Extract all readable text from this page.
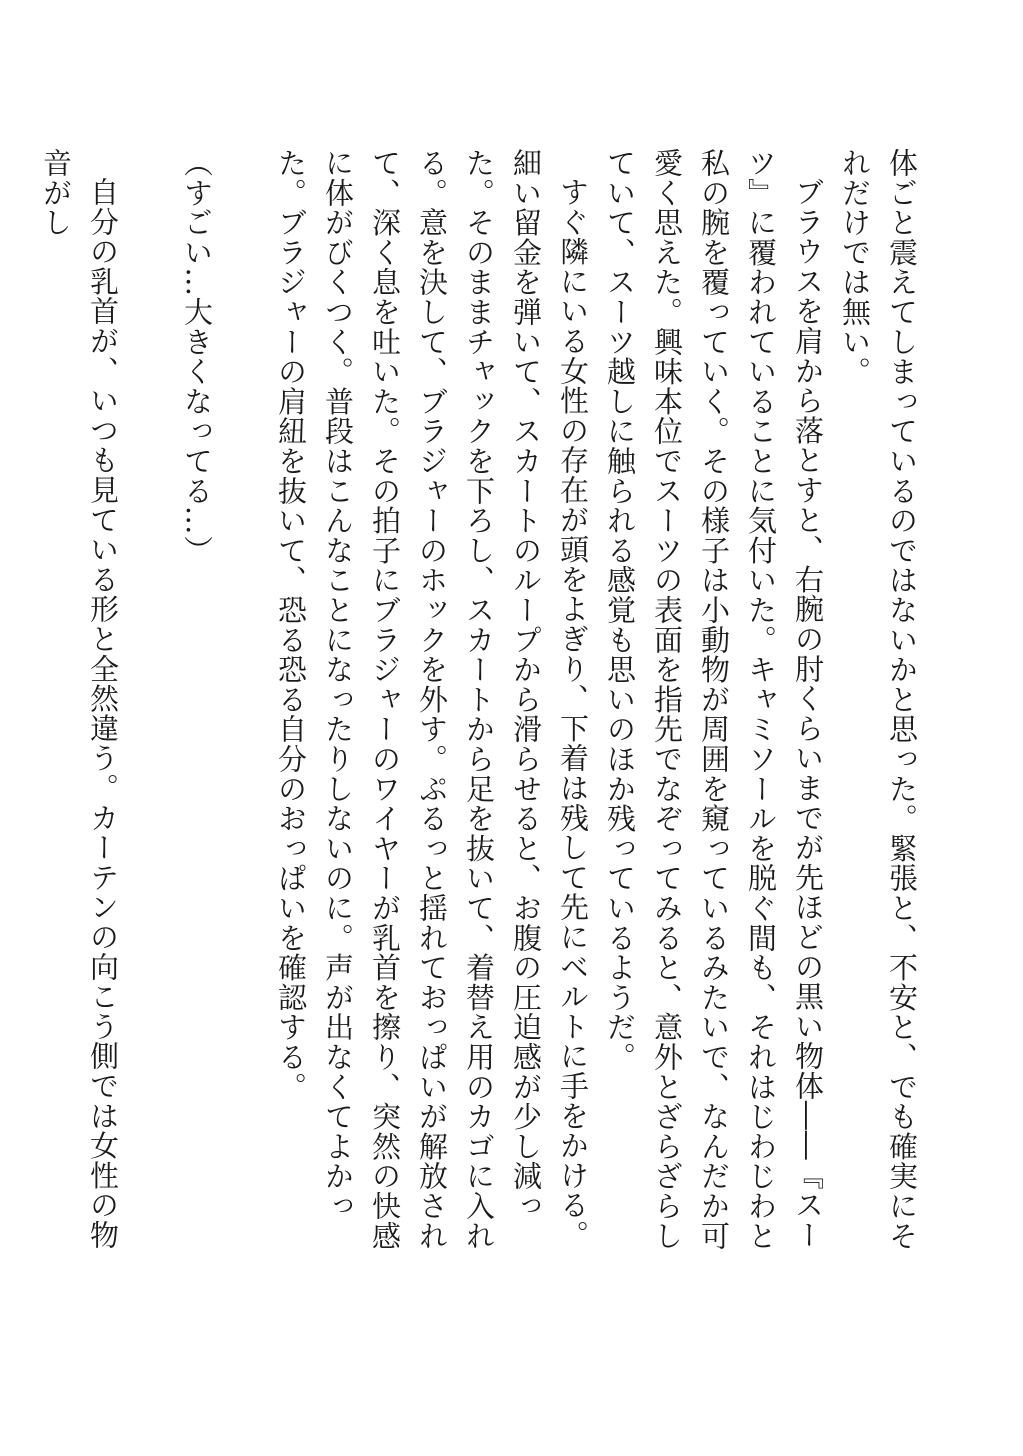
体ごと震えてしまっているのではないかと思った。緊張と、不安と、でも確実にそれだけでは無い。

ブラウスを肩から落とすと、右腕の肘くらいまでが先ほどの黒い物体――『スーツ』に覆われていることに気付いた。キャミソールを脱ぐ間も、それはじわじわと私の腕を覆っていく。その様子は小動物が周囲を窺っているみたいで、なんだか可愛く思えた。興味本位でスーツの表面を指先でなぞってみると、意外とざらざらしていて、スーツ越しに触られる感覚も思いのほか残っているようだ。

すぐ隣にいる女性の存在が頭をよぎり、下着は残して先にベルトに手をかける。細い留金を弾いて、スカートのループから滑らせると、お腹の圧迫感が少し減った。そのままチャックを下ろし、スカートから足を抜いて、着替え用のカゴに入れる。意を決して、ブラジャーのホックを外す。ぷるっと揺れておっぱいが解放されて、深く息を吐いた。その拍子にブラジャーのワイヤーが乳首を擦り、突然の快感に体がびくつく。普段はこんなことになったりしないのに。声が出なくてよかった。ブラジャーの肩紐を抜いて、恐る恐る自分のおっぱいを確認する。

（すごい…大きくなってる…）

自分の乳首が、いつも見ている形と全然違う。カーテンの向こう側では女性の物音がし
